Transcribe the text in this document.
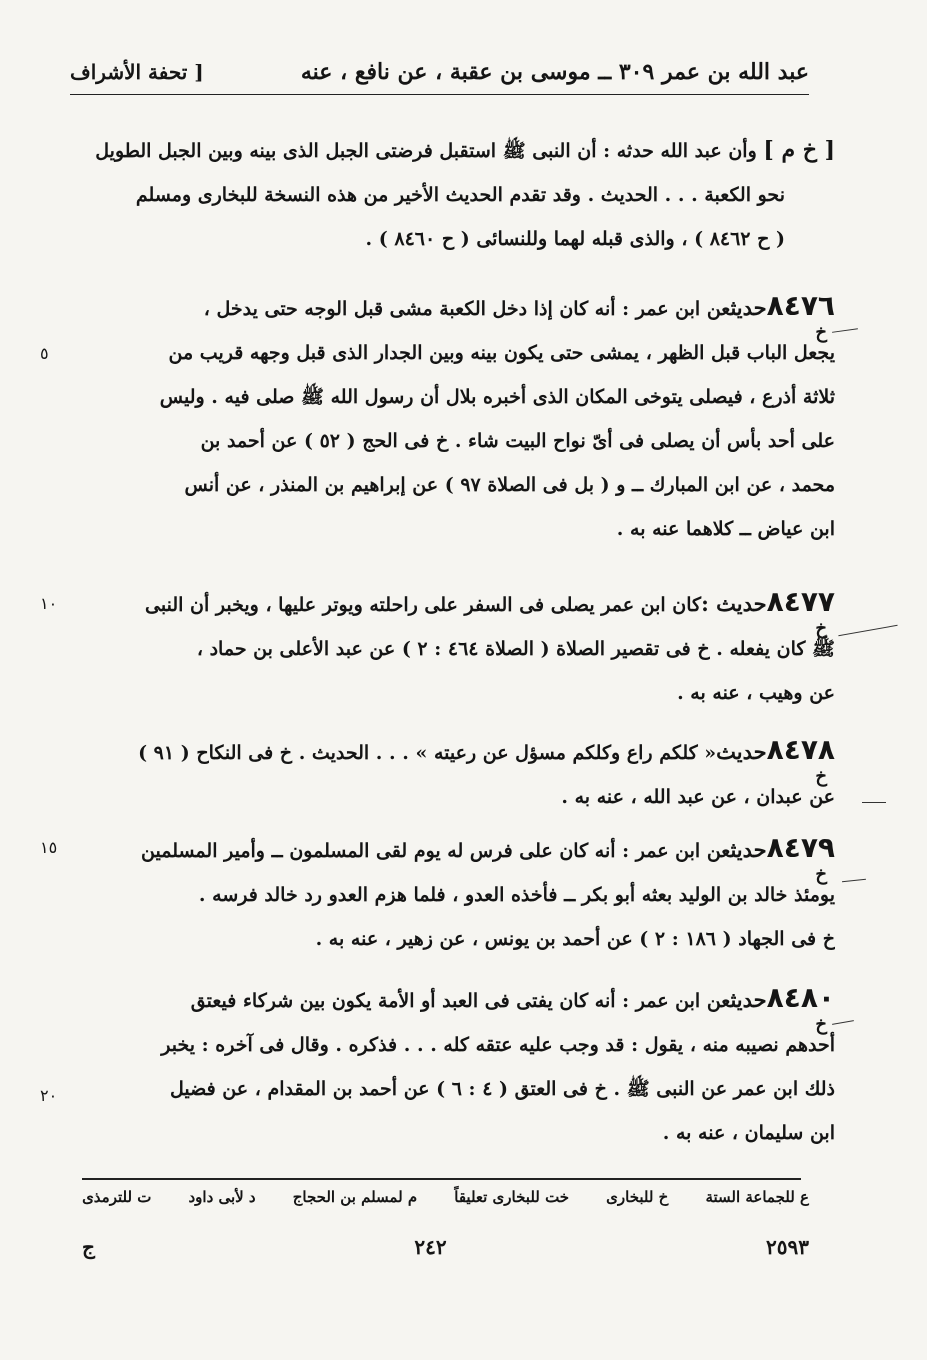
عبد الله بن عمر ٣٠٩ ــ موسى بن عقبة ، عن نافع ، عنه
[ تحفة الأشراف
[ خ م ] وأن عبد الله حدثه : أن النبى ﷺ استقبل فرضتى الجبل الذى بينه وبين الجبل الطويل
نحو الكعبة . . . الحديث . وقد تقدم الحديث الأخير من هذه النسخة للبخارى ومسلم
( ح ٨٤٦٢ ) ، والذى قبله لهما وللنسائى ( ح ٨٤٦٠ ) .
٨٤٧٦حديثعن ابن عمر : أنه كان إذا دخل الكعبة مشى قبل الوجه حتى يدخل ،
يجعل الباب قبل الظهر ، يمشى حتى يكون بينه وبين الجدار الذى قبل وجهه قريب من
ثلاثة أذرع ، فيصلى يتوخى المكان الذى أخبره بلال أن رسول الله ﷺ صلى فيه . وليس
على أحد بأس أن يصلى فى أىّ نواح البيت شاء . خ فى الحج ( ٥٢ ) عن أحمد بن
محمد ، عن ابن المبارك ــ و ( بل فى الصلاة ٩٧ ) عن إبراهيم بن المنذر ، عن أنس
ابن عياض ــ كلاهما عنه به .
خ
٨٤٧٧حديث :كان ابن عمر يصلى فى السفر على راحلته ويوتر عليها ، ويخبر أن النبى
ﷺ كان يفعله . خ فى تقصير الصلاة ( الصلاة ٤٦٤ : ٢ ) عن عبد الأعلى بن حماد ،
عن وهيب ، عنه به .
خ
٨٤٧٨حديث« كلكم راع وكلكم مسؤل عن رعيته » . . . الحديث . خ فى النكاح ( ٩١ )
عن عبدان ، عن عبد الله ، عنه به .
خ
٨٤٧٩حديثعن ابن عمر : أنه كان على فرس له يوم لقى المسلمون ــ وأمير المسلمين
يومئذ خالد بن الوليد بعثه أبو بكر ــ فأخذه العدو ، فلما هزم العدو رد خالد فرسه .
خ فى الجهاد ( ١٨٦ : ٢ ) عن أحمد بن يونس ، عن زهير ، عنه به .
خ
٨٤٨٠حديثعن ابن عمر : أنه كان يفتى فى العبد أو الأمة يكون بين شركاء فيعتق
أحدهم نصيبه منه ، يقول : قد وجب عليه عتقه كله . . . فذكره . وقال فى آخره : يخبر
ذلك ابن عمر عن النبى ﷺ . خ فى العتق ( ٤ : ٦ ) عن أحمد بن المقدام ، عن فضيل
ابن سليمان ، عنه به .
خ
٥
١٠
١٥
٢٠
ع للجماعة الستة
خ للبخارى
خت للبخارى تعليقاً
م لمسلم بن الحجاج
د لأبى داود
ت للترمذى
٢٥٩٣
٢٤٢
ج
